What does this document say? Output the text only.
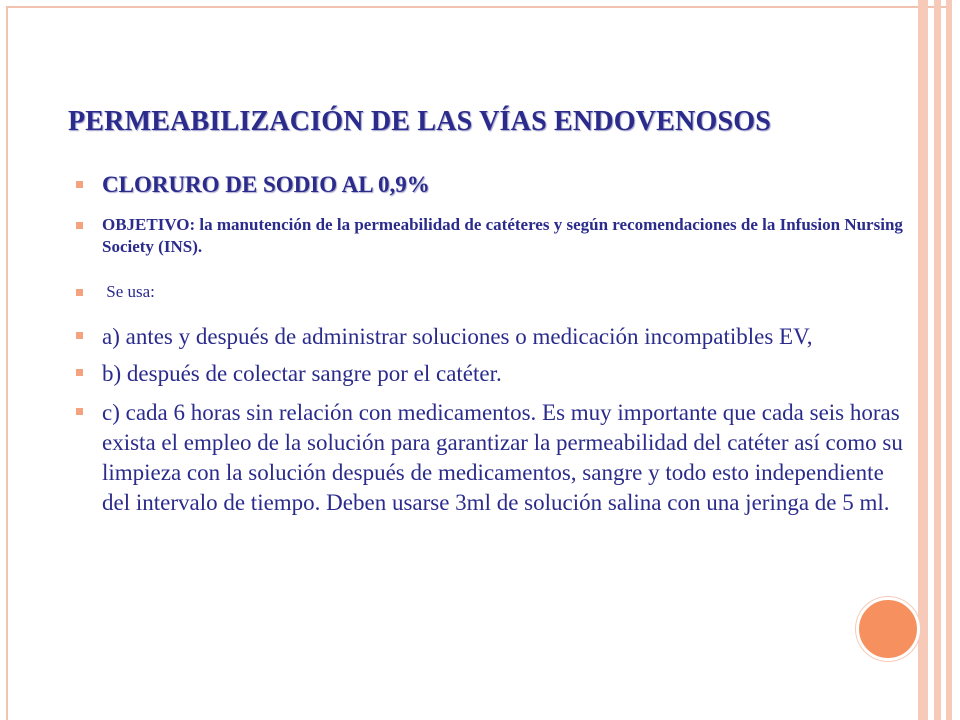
PERMEABILIZACIÓN DE LAS VÍAS ENDOVENOSOS
CLORURO DE SODIO AL 0,9%
OBJETIVO: la manutención de la permeabilidad de catéteres y según recomendaciones de la Infusion Nursing Society (INS).
Se usa:
a) antes y después de administrar soluciones o medicación incompatibles EV,
b) después de colectar sangre por el catéter.
c) cada 6 horas sin relación con medicamentos. Es muy importante que cada seis horas exista el empleo de la solución para garantizar la permeabilidad del catéter así como su limpieza con la solución después de medicamentos, sangre y todo esto independiente del intervalo de tiempo. Deben usarse 3ml de solución salina con una jeringa de 5 ml.
